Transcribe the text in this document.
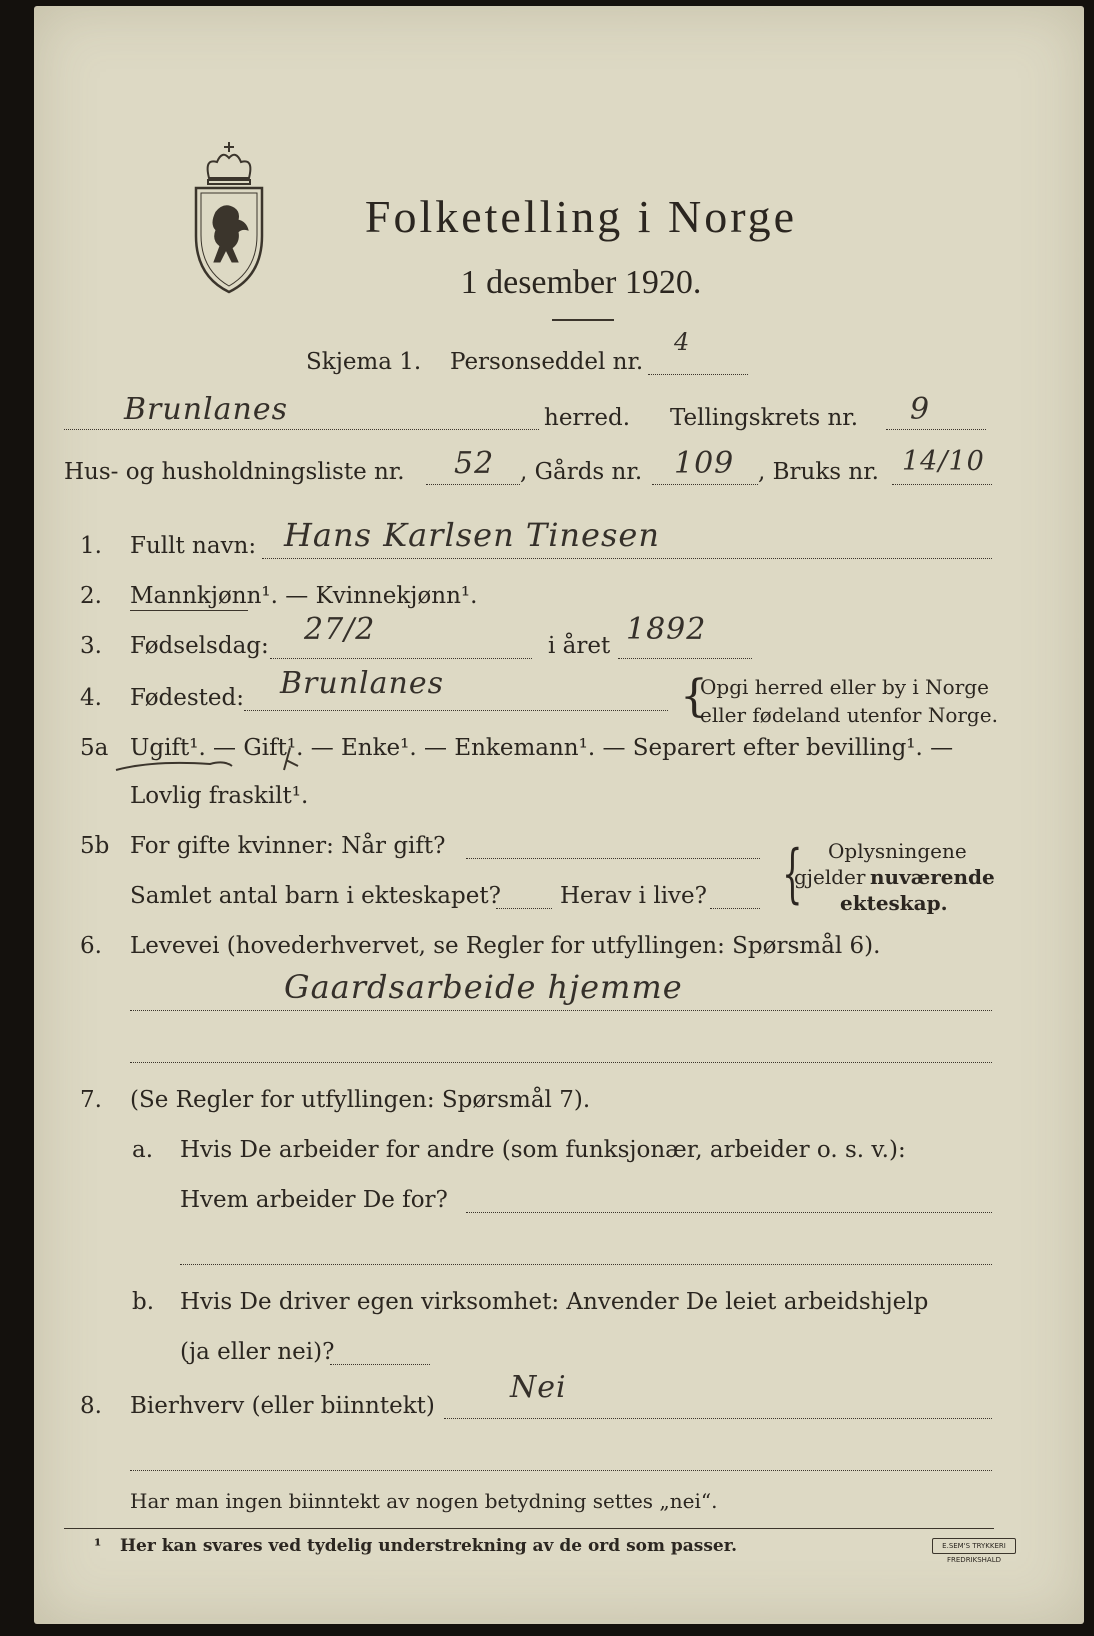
Folketelling i Norge
1 desember 1920.
Skjema 1. Personseddel nr.
4
Brunlanes	herred. Tellingskrets nr. 9
Hus- og husholdningsliste nr. 52 , Gårds nr. 109 , Bruks nr. 14/10
1.	Fullt navn: Hans Karlsen Tinesen
2.	Mannkjønn¹. — Kvinnekjønn¹.
3.	Fødselsdag: 27/2	i året 1892
4.	Fødested: Brunlanes	{
Opgi herred eller by i Norge
eller fødeland utenfor Norge.
5a Ugift¹. — Gift¹. — Enke¹. — Enkemann¹. — Separert efter bevilling¹. —
Lovlig fraskilt¹.
5b For gifte kvinner: Når gift?
Samlet antal barn i ekteskapet?	Herav i live? { Oplysningene
gjelder nuværende
ekteskap.
6.	Levevei (hovederhvervet, se Regler for utfyllingen: Spørsmål 6).
Gaardsarbeide hjemme
7.	(Se Regler for utfyllingen: Spørsmål 7).
a. Hvis De arbeider for andre (som funksjonær, arbeider o. s. v.):
Hvem arbeider De for?
b. Hvis De driver egen virksomhet: Anvender De leiet arbeidshjelp
(ja eller nei)?
8.	Bierhverv (eller biinntekt)
Nei
Har man ingen biinntekt av nogen betydning settes „nei“.
¹ Her kan svares ved tydelig understrekning av de ord som passer.	E.SEM'S TRYKKERI FREDRIKSHALD
